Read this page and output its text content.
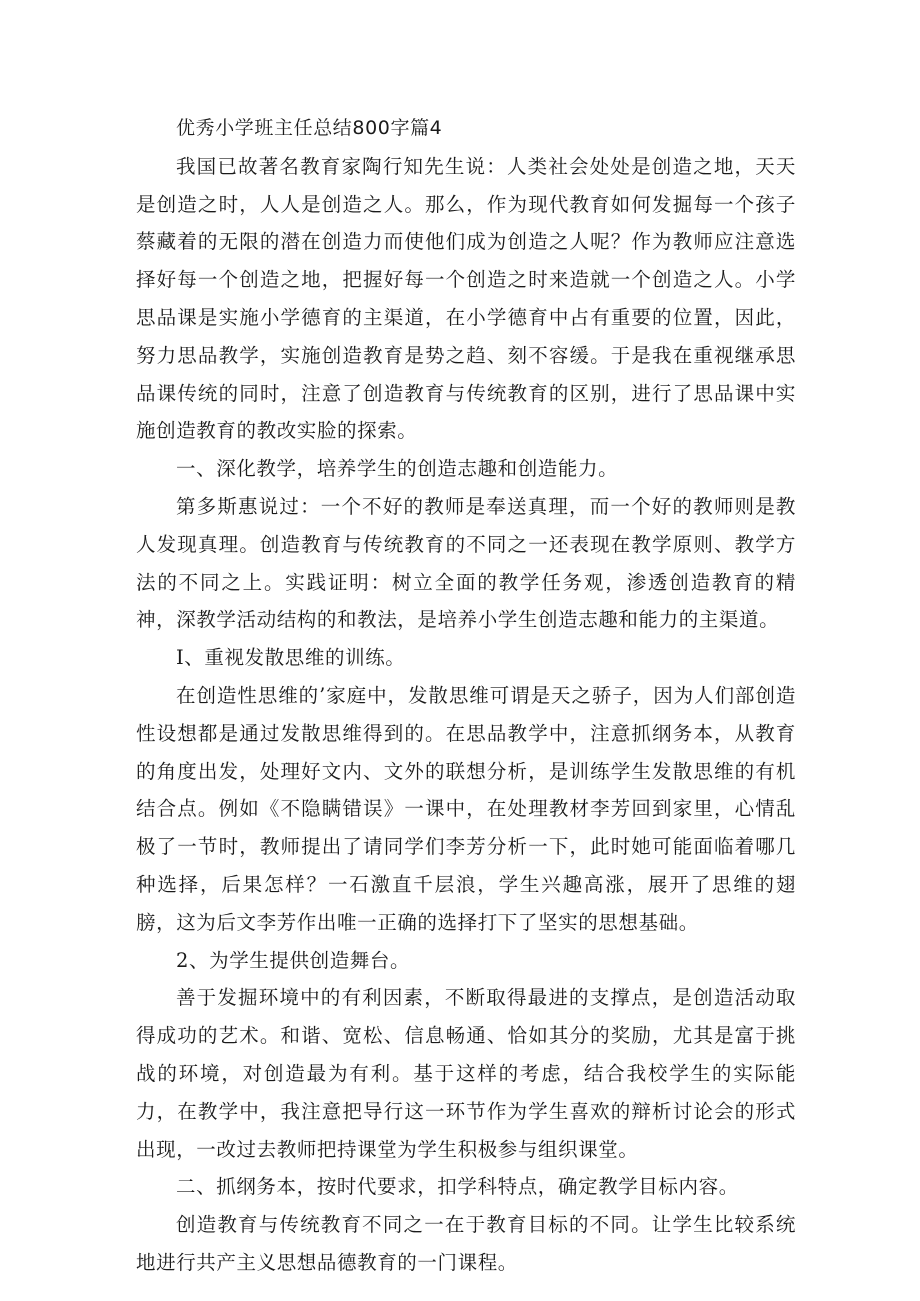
优秀小学班主任总结800字篇4

我国已故著名教育家陶行知先生说：人类社会处处是创造之地，天天是创造之时，人人是创造之人。那么，作为现代教育如何发掘每一个孩子蔡藏着的无限的潜在创造力而使他们成为创造之人呢？作为教师应注意选择好每一个创造之地，把握好每一个创造之时来造就一个创造之人。小学思品课是实施小学德育的主渠道，在小学德育中占有重要的位置，因此，努力思品教学，实施创造教育是势之趋、刻不容缓。于是我在重视继承思品课传统的同时，注意了创造教育与传统教育的区别，进行了思品课中实施创造教育的教改实脸的探索。

一、深化教学，培养学生的创造志趣和创造能力。

第多斯惠说过：一个不好的教师是奉送真理，而一个好的教师则是教人发现真理。创造教育与传统教育的不同之一还表现在教学原则、教学方法的不同之上。实践证明：树立全面的教学任务观，渗透创造教育的精神，深教学活动结构的和教法，是培养小学生创造志趣和能力的主渠道。

I、重视发散思维的训练。

在创造性思维的’家庭中，发散思维可谓是天之骄子，因为人们部创造性设想都是通过发散思维得到的。在思品教学中，注意抓纲务本，从教育的角度出发，处理好文内、文外的联想分析，是训练学生发散思维的有机结合点。例如《不隐瞒错误》一课中，在处理教材李芳回到家里，心情乱极了一节时，教师提出了请同学们李芳分析一下，此时她可能面临着哪几种选择，后果怎样？一石激直千层浪，学生兴趣高涨，展开了思维的翅膀，这为后文李芳作出唯一正确的选择打下了坚实的思想基础。

2、为学生提供创造舞台。

善于发掘环境中的有利因素，不断取得最进的支撑点，是创造活动取得成功的艺术。和谐、宽松、信息畅通、恰如其分的奖励，尤其是富于挑战的环境，对创造最为有利。基于这样的考虑，结合我校学生的实际能力，在教学中，我注意把导行这一环节作为学生喜欢的辩析讨论会的形式出现，一改过去教师把持课堂为学生积极参与组织课堂。

二、抓纲务本，按时代要求，扣学科特点，确定教学目标内容。

创造教育与传统教育不同之一在于教育目标的不同。让学生比较系统地进行共产主义思想品德教育的一门课程。
